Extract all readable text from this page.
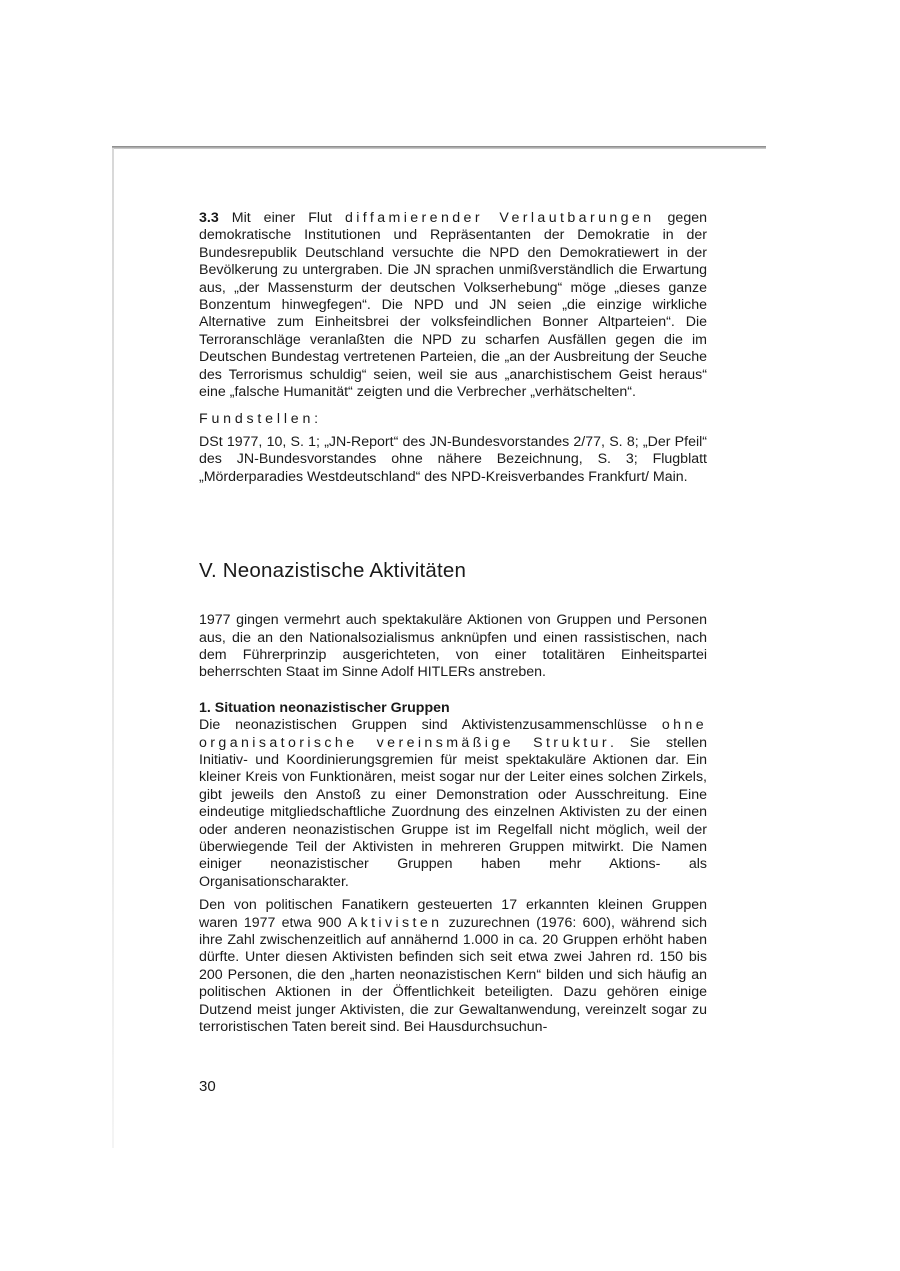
3.3 Mit einer Flut diffamierender Verlautbarungen gegen demokratische Institutionen und Repräsentanten der Demokratie in der Bundesrepublik Deutschland versuchte die NPD den Demokratiewert in der Bevölkerung zu untergraben. Die JN sprachen unmißverständlich die Erwartung aus, „der Massensturm der deutschen Volkserhebung“ möge „dieses ganze Bonzentum hinwegfegen“. Die NPD und JN seien „die einzige wirkliche Alternative zum Einheitsbrei der volksfeindlichen Bonner Altparteien“. Die Terroranschläge veranlaßten die NPD zu scharfen Ausfällen gegen die im Deutschen Bundestag vertretenen Parteien, die „an der Ausbreitung der Seuche des Terrorismus schuldig“ seien, weil sie aus „anarchistischem Geist heraus“ eine „falsche Humanität“ zeigten und die Verbrecher „verhätschelten“.

Fundstellen:

DSt 1977, 10, S. 1; „JN-Report“ des JN-Bundesvorstandes 2/77, S. 8; „Der Pfeil“ des JN-Bundesvorstandes ohne nähere Bezeichnung, S. 3; Flugblatt „Mörderparadies Westdeutschland“ des NPD-Kreisverbandes Frankfurt/ Main.

V. Neonazistische Aktivitäten

1977 gingen vermehrt auch spektakuläre Aktionen von Gruppen und Personen aus, die an den Nationalsozialismus anknüpfen und einen rassistischen, nach dem Führerprinzip ausgerichteten, von einer totalitären Einheitspartei beherrschten Staat im Sinne Adolf HITLERs anstreben.

1. Situation neonazistischer Gruppen

Die neonazistischen Gruppen sind Aktivistenzusammenschlüsse ohne organisatorische vereinsmäßige Struktur. Sie stellen Initiativ- und Koordinierungsgremien für meist spektakuläre Aktionen dar. Ein kleiner Kreis von Funktionären, meist sogar nur der Leiter eines solchen Zirkels, gibt jeweils den Anstoß zu einer Demonstration oder Ausschreitung. Eine eindeutige mitgliedschaftliche Zuordnung des einzelnen Aktivisten zu der einen oder anderen neonazistischen Gruppe ist im Regelfall nicht möglich, weil der überwiegende Teil der Aktivisten in mehreren Gruppen mitwirkt. Die Namen einiger neonazistischer Gruppen haben mehr Aktions- als Organisationscharakter.

Den von politischen Fanatikern gesteuerten 17 erkannten kleinen Gruppen waren 1977 etwa 900 Aktivisten zuzurechnen (1976: 600), während sich ihre Zahl zwischenzeitlich auf annähernd 1.000 in ca. 20 Gruppen erhöht haben dürfte. Unter diesen Aktivisten befinden sich seit etwa zwei Jahren rd. 150 bis 200 Personen, die den „harten neonazistischen Kern“ bilden und sich häufig an politischen Aktionen in der Öffentlichkeit beteiligten. Dazu gehören einige Dutzend meist junger Aktivisten, die zur Gewaltanwendung, vereinzelt sogar zu terroristischen Taten bereit sind. Bei Hausdurchsuchun-

30
